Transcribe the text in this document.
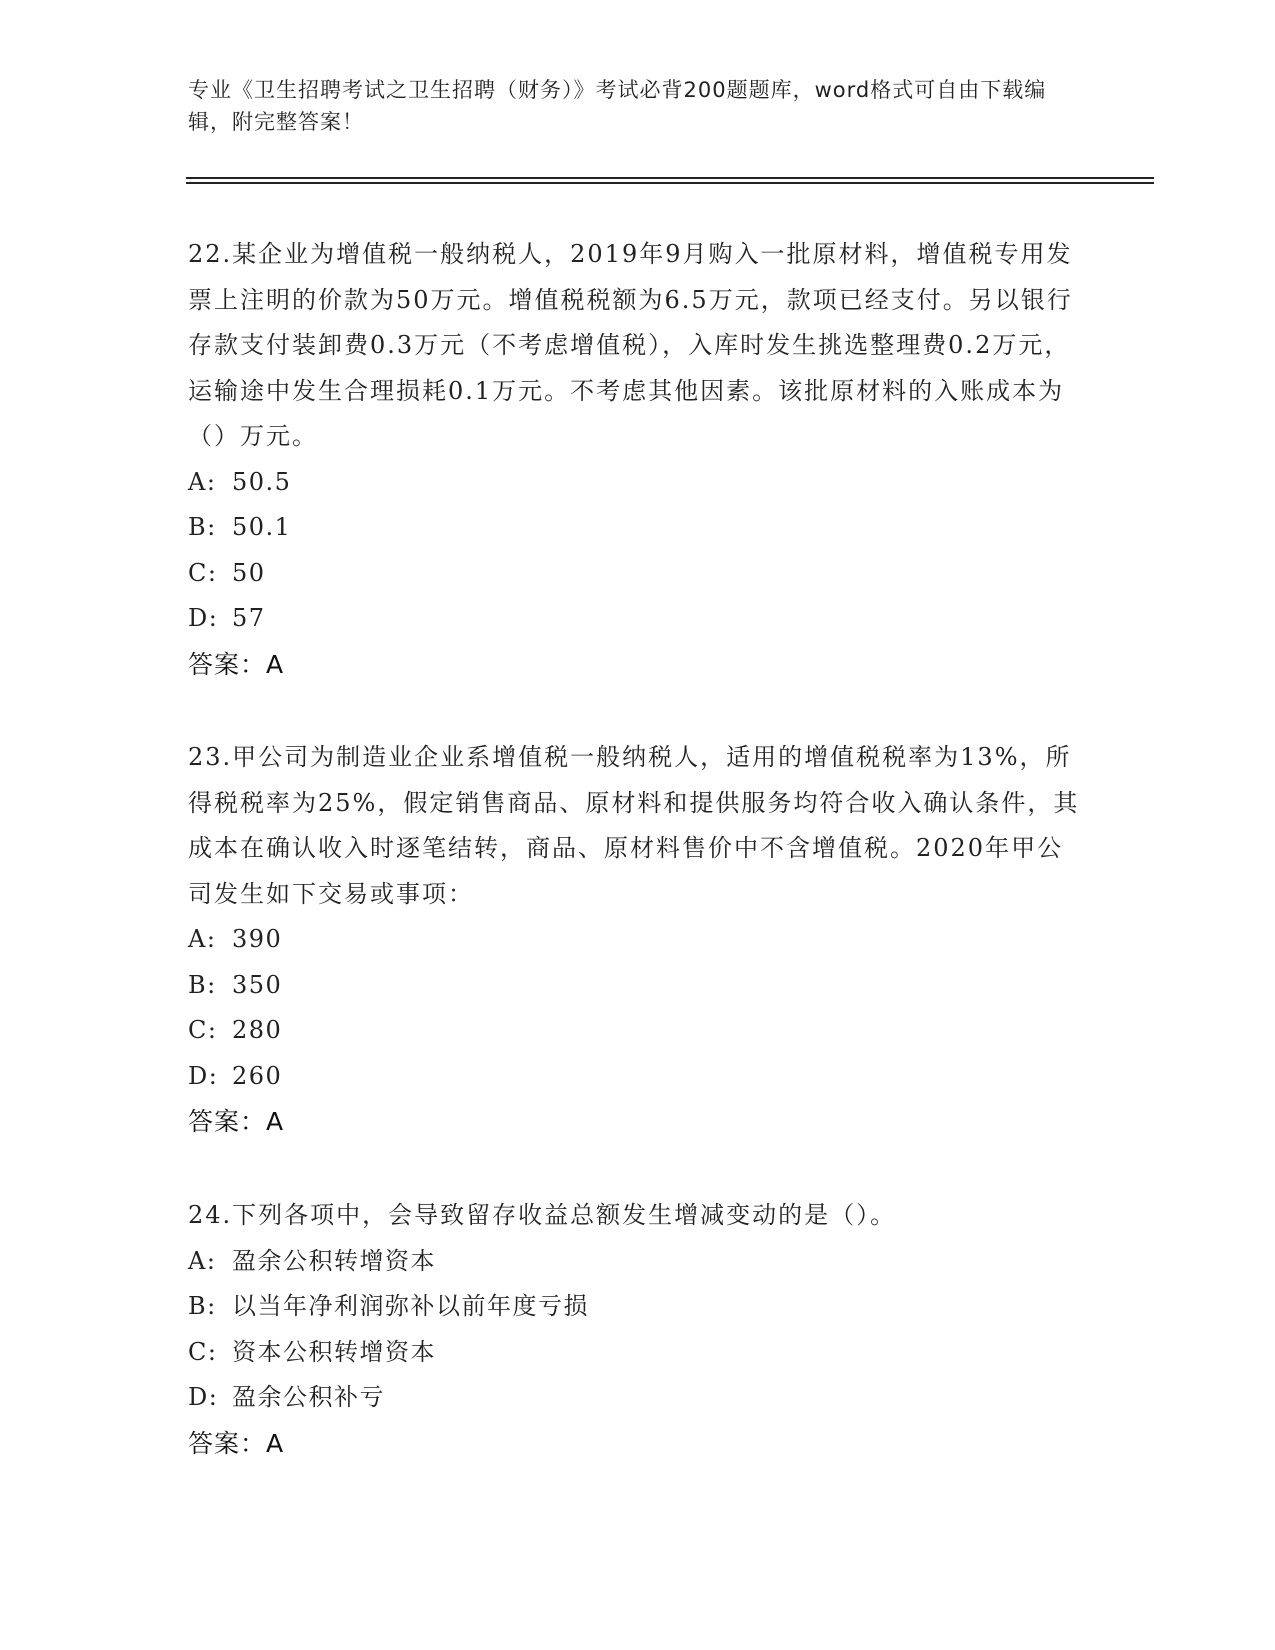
专业《卫生招聘考试之卫生招聘（财务）》考试必背200题题库，word格式可自由下载编辑，附完整答案！

22.某企业为增值税一般纳税人，2019年9月购入一批原材料，增值税专用发票上注明的价款为50万元。增值税税额为6.5万元，款项已经支付。另以银行存款支付装卸费0.3万元（不考虑增值税），入库时发生挑选整理费0.2万元，运输途中发生合理损耗0.1万元。不考虑其他因素。该批原材料的入账成本为（）万元。

A: 50.5
B: 50.1
C: 50
D: 57
答案：A

23.甲公司为制造业企业系增值税一般纳税人，适用的增值税税率为13%，所得税税率为25%，假定销售商品、原材料和提供服务均符合收入确认条件，其成本在确认收入时逐笔结转，商品、原材料售价中不含增值税。2020年甲公司发生如下交易或事项：

A: 390
B: 350
C: 280
D: 260
答案：A

24.下列各项中，会导致留存收益总额发生增减变动的是（）。

A: 盈余公积转增资本
B: 以当年净利润弥补以前年度亏损
C: 资本公积转增资本
D: 盈余公积补亏
答案：A
